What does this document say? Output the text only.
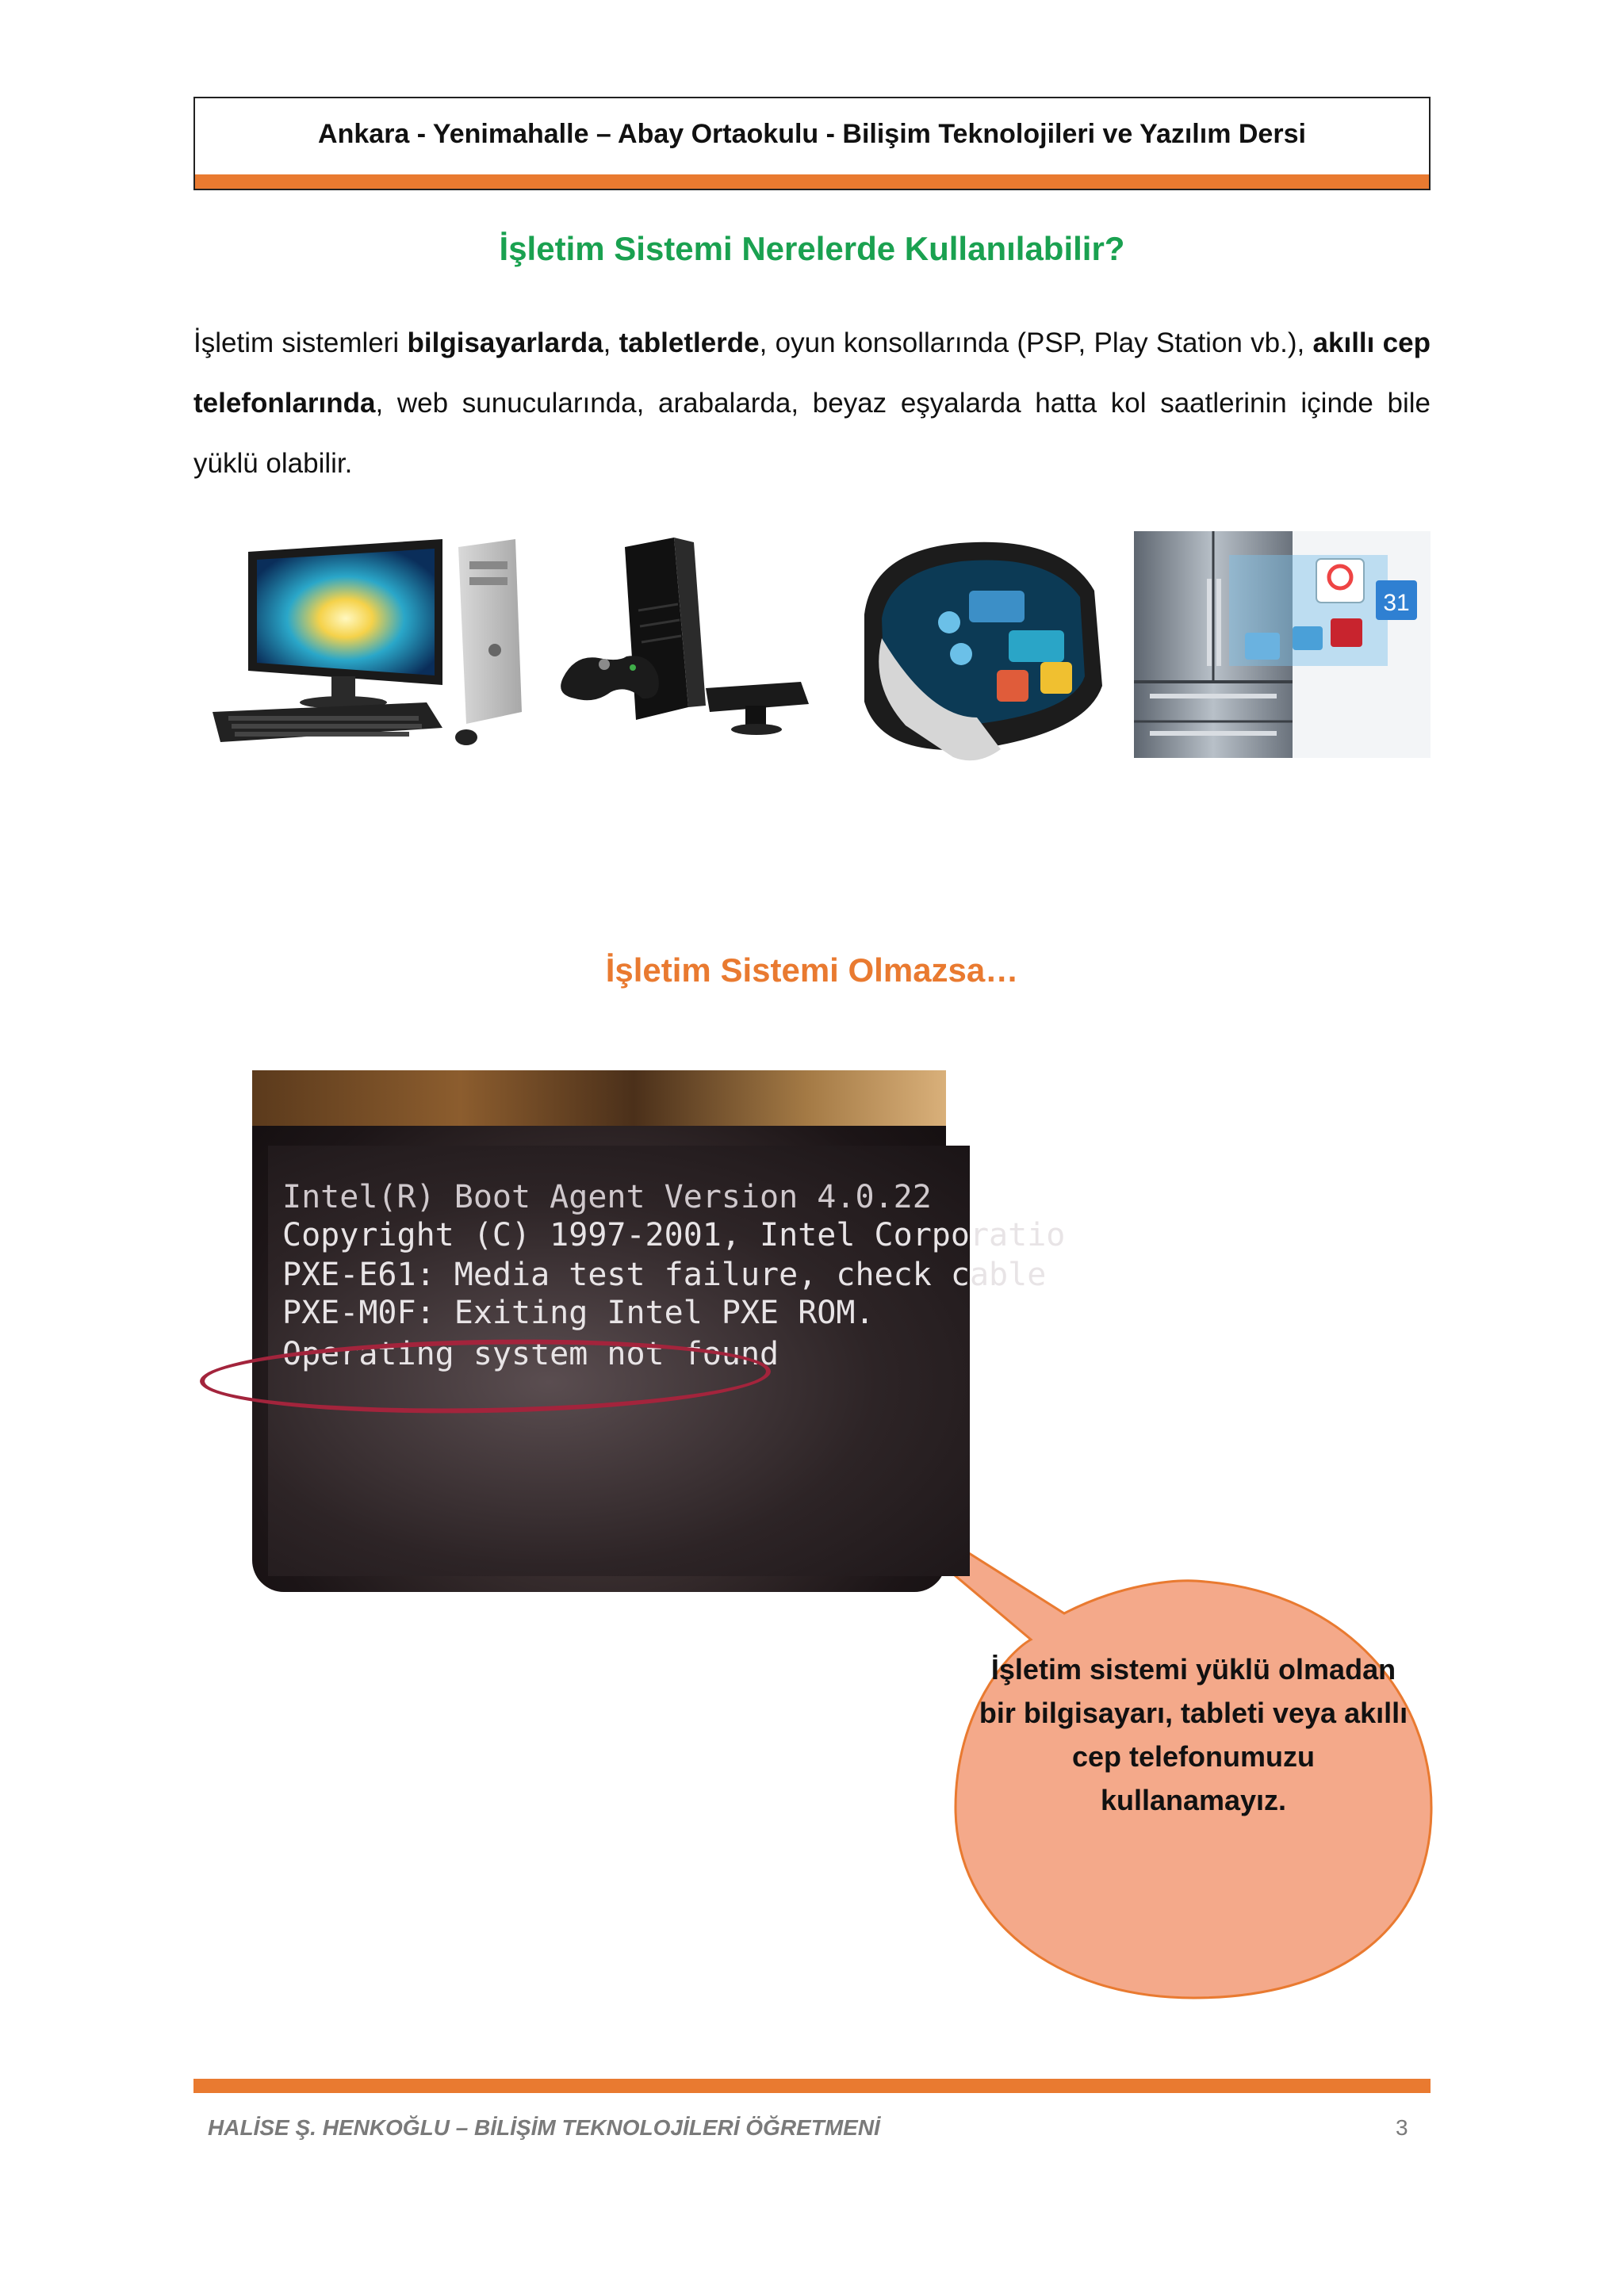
Ankara - Yenimahalle – Abay Ortaokulu - Bilişim Teknolojileri ve Yazılım Dersi
İşletim Sistemi Nerelerde Kullanılabilir?
İşletim sistemleri bilgisayarlarda, tabletlerde, oyun konsollarında (PSP, Play Station vb.), akıllı cep telefonlarında, web sunucularında, arabalarda, beyaz eşyalarda hatta kol saatlerinin içinde bile yüklü olabilir.
31
İşletim Sistemi Olmazsa…
Intel(R) Boot Agent Version 4.0.22
Copyright (C) 1997-2001, Intel Corporatio
PXE-E61: Media test failure, check cable
PXE-M0F: Exiting Intel PXE ROM.
Operating system not found
İşletim sistemi yüklü olmadan bir bilgisayarı, tableti veya akıllı cep telefonumuzu kullanamayız.
HALİSE Ş. HENKOĞLU – BİLİŞİM TEKNOLOJİLERİ ÖĞRETMENİ	3
